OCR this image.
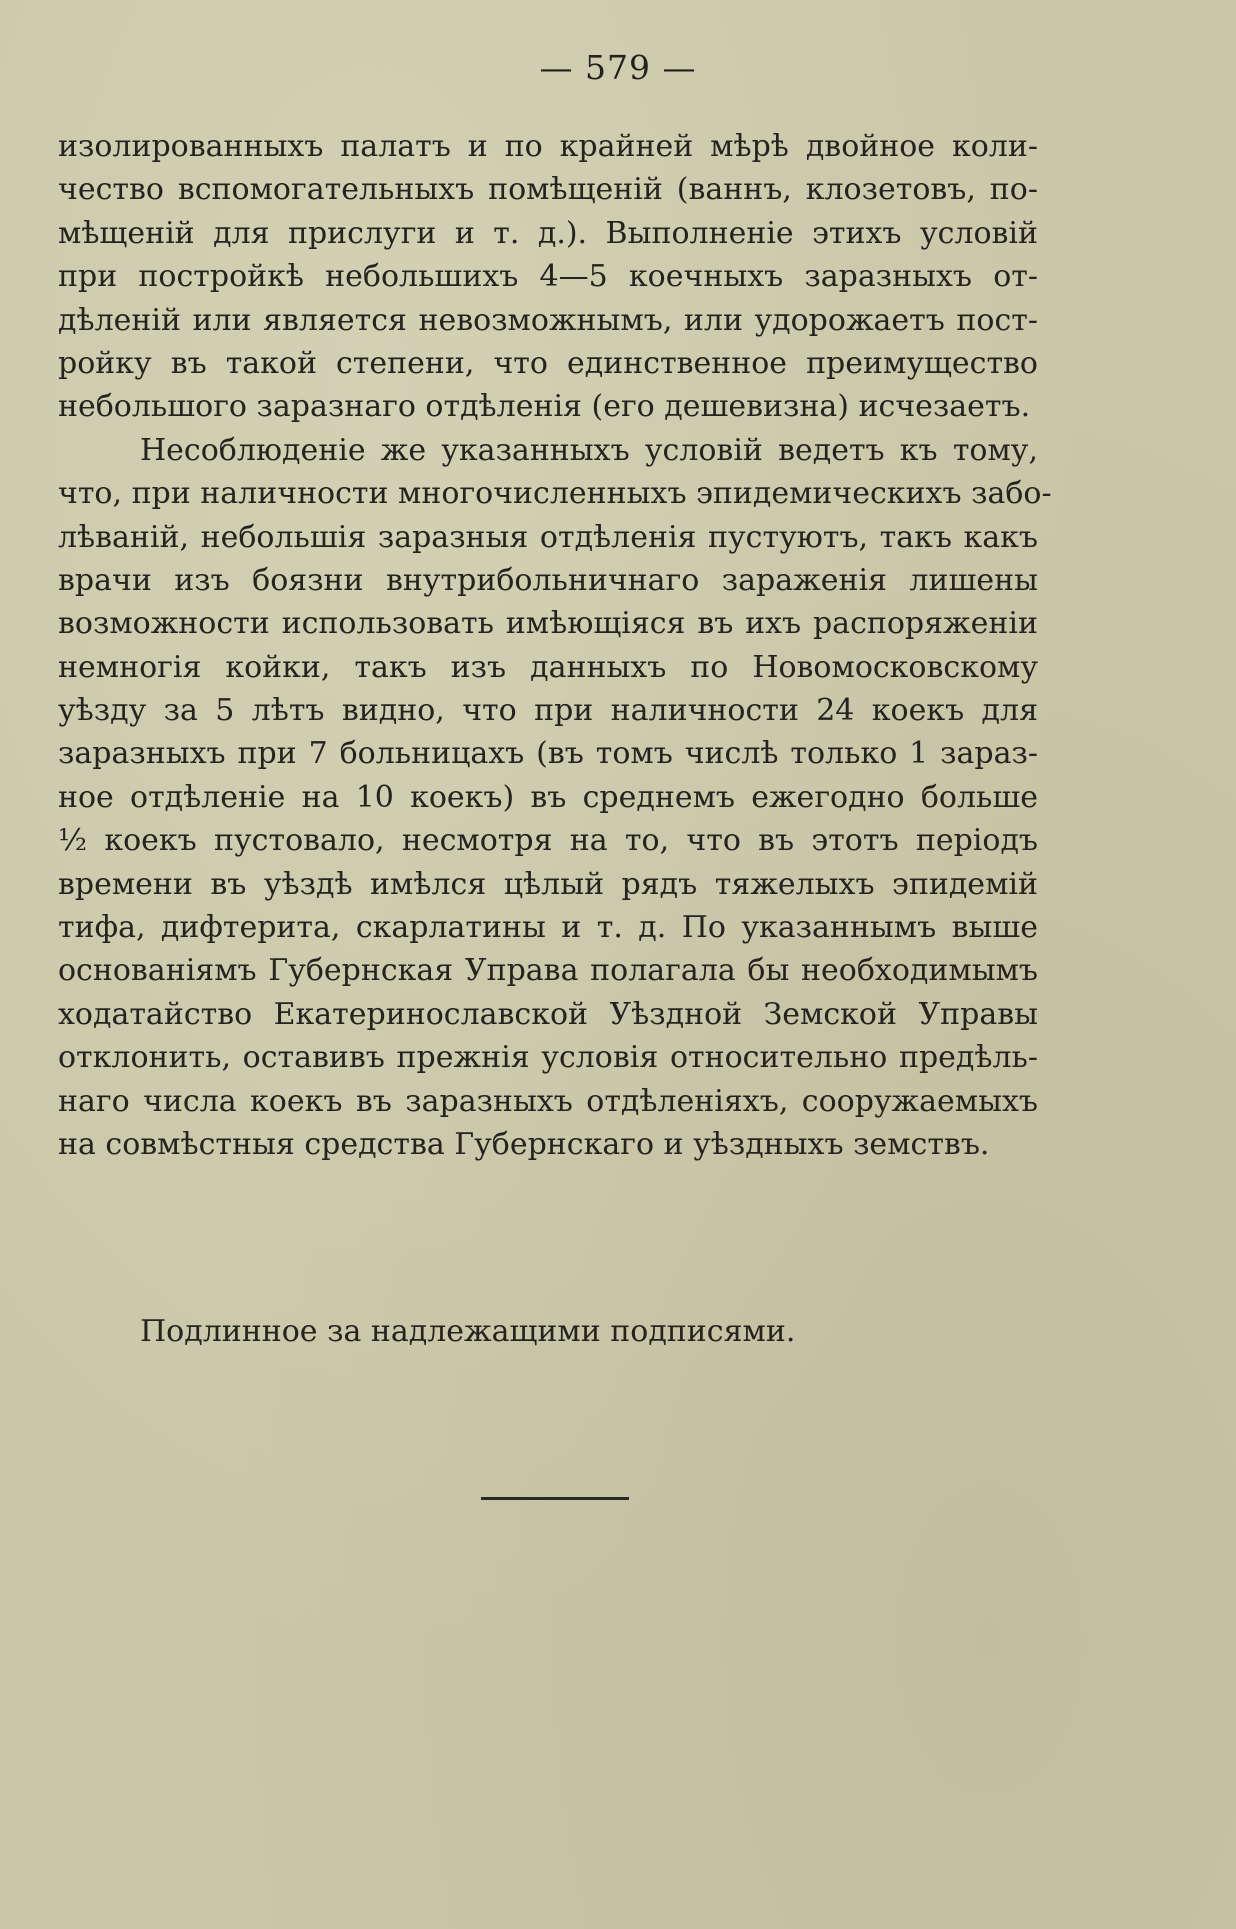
— 579 —
изолированныхъ палатъ и по крайней мѣрѣ двойное коли-
чество вспомогательныхъ помѣщенiй (ваннъ, клозетовъ, по-
мѣщенiй для прислуги и т. д.). Выполненiе этихъ условiй
при постройкѣ небольшихъ 4—5 коечныхъ заразныхъ от-
дѣленiй или является невозможнымъ, или удорожаетъ пост-
ройку въ такой степени, что единственное преимущество
небольшого заразнаго отдѣленiя (его дешевизна) исчезаетъ.
Несоблюденiе же указанныхъ условiй ведетъ къ тому,
что, при наличности многочисленныхъ эпидемическихъ забо-
лѣванiй, небольшiя заразныя отдѣленiя пустуютъ, такъ какъ
врачи изъ боязни внутрибольничнаго зараженiя лишены
возможности использовать имѣющiяся въ ихъ распоряженiи
немногiя койки, такъ изъ данныхъ по Новомосковскому
уѣзду за 5 лѣтъ видно, что при наличности 24 коекъ для
заразныхъ при 7 больницахъ (въ томъ числѣ только 1 зараз-
ное отдѣленiе на 10 коекъ) въ среднемъ ежегодно больше
½ коекъ пустовало, несмотря на то, что въ этотъ перiодъ
времени въ уѣздѣ имѣлся цѣлый рядъ тяжелыхъ эпидемiй
тифа, дифтерита, скарлатины и т. д. По указаннымъ выше
основанiямъ Губернская Управа полагала бы необходимымъ
ходатайство Екатеринославской Уѣздной Земской Управы
отклонить, оставивъ прежнiя условiя относительно предѣль-
наго числа коекъ въ заразныхъ отдѣленiяхъ, сооружаемыхъ
на совмѣстныя средства Губернскаго и уѣздныхъ земствъ.
Подлинное за надлежащими подписями.
